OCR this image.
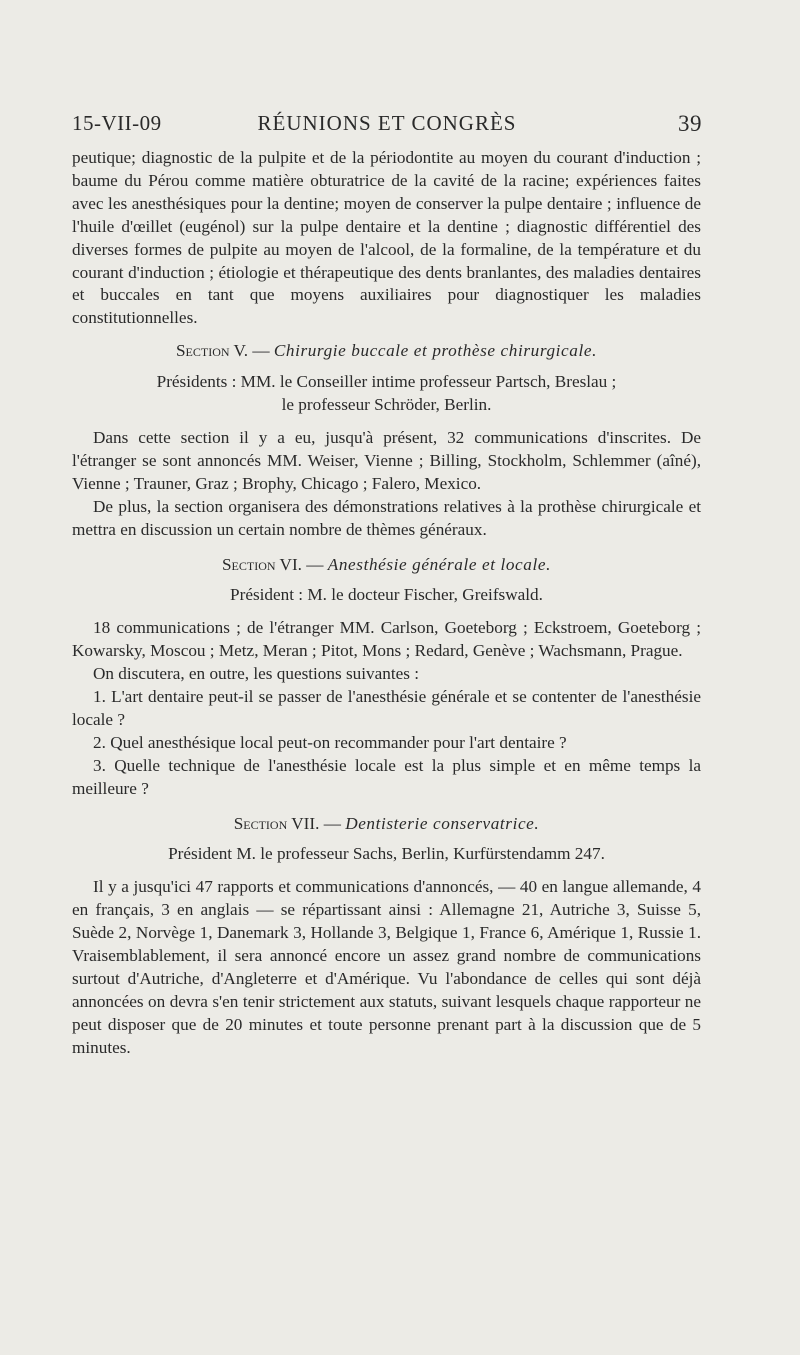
15-VII-09	RÉUNIONS ET CONGRÈS	39

peutique; diagnostic de la pulpite et de la périodontite au moyen du courant d'induction ; baume du Pérou comme matière obturatrice de la cavité de la racine; expériences faites avec les anesthésiques pour la dentine; moyen de conserver la pulpe dentaire ; influence de l'huile d'œillet (eugénol) sur la pulpe dentaire et la dentine ; diagnostic différentiel des diverses formes de pulpite au moyen de l'alcool, de la formaline, de la température et du courant d'induction ; étiologie et thérapeutique des dents branlantes, des maladies dentaires et buccales en tant que moyens auxiliaires pour diagnostiquer les maladies constitutionnelles.

Section V. — Chirurgie buccale et prothèse chirurgicale.

Présidents : MM. le Conseiller intime professeur Partsch, Breslau ;
le professeur Schröder, Berlin.

Dans cette section il y a eu, jusqu'à présent, 32 communications d'inscrites. De l'étranger se sont annoncés MM. Weiser, Vienne ; Billing, Stockholm, Schlemmer (aîné), Vienne ; Trauner, Graz ; Brophy, Chicago ; Falero, Mexico.

De plus, la section organisera des démonstrations relatives à la prothèse chirurgicale et mettra en discussion un certain nombre de thèmes généraux.

Section VI. — Anesthésie générale et locale.

Président : M. le docteur Fischer, Greifswald.

18 communications ; de l'étranger MM. Carlson, Goeteborg ; Eckstroem, Goeteborg ; Kowarsky, Moscou ; Metz, Meran ; Pitot, Mons ; Redard, Genève ; Wachsmann, Prague.

On discutera, en outre, les questions suivantes :

1. L'art dentaire peut-il se passer de l'anesthésie générale et se contenter de l'anesthésie locale ?

2. Quel anesthésique local peut-on recommander pour l'art dentaire ?

3. Quelle technique de l'anesthésie locale est la plus simple et en même temps la meilleure ?

Section VII. — Dentisterie conservatrice.

Président M. le professeur Sachs, Berlin, Kurfürstendamm 247.

Il y a jusqu'ici 47 rapports et communications d'annoncés, — 40 en langue allemande, 4 en français, 3 en anglais — se répartissant ainsi : Allemagne 21, Autriche 3, Suisse 5, Suède 2, Norvège 1, Danemark 3, Hollande 3, Belgique 1, France 6, Amérique 1, Russie 1. Vraisemblablement, il sera annoncé encore un assez grand nombre de communications surtout d'Autriche, d'Angleterre et d'Amérique. Vu l'abondance de celles qui sont déjà annoncées on devra s'en tenir strictement aux statuts, suivant lesquels chaque rapporteur ne peut disposer que de 20 minutes et toute personne prenant part à la discussion que de 5 minutes.
